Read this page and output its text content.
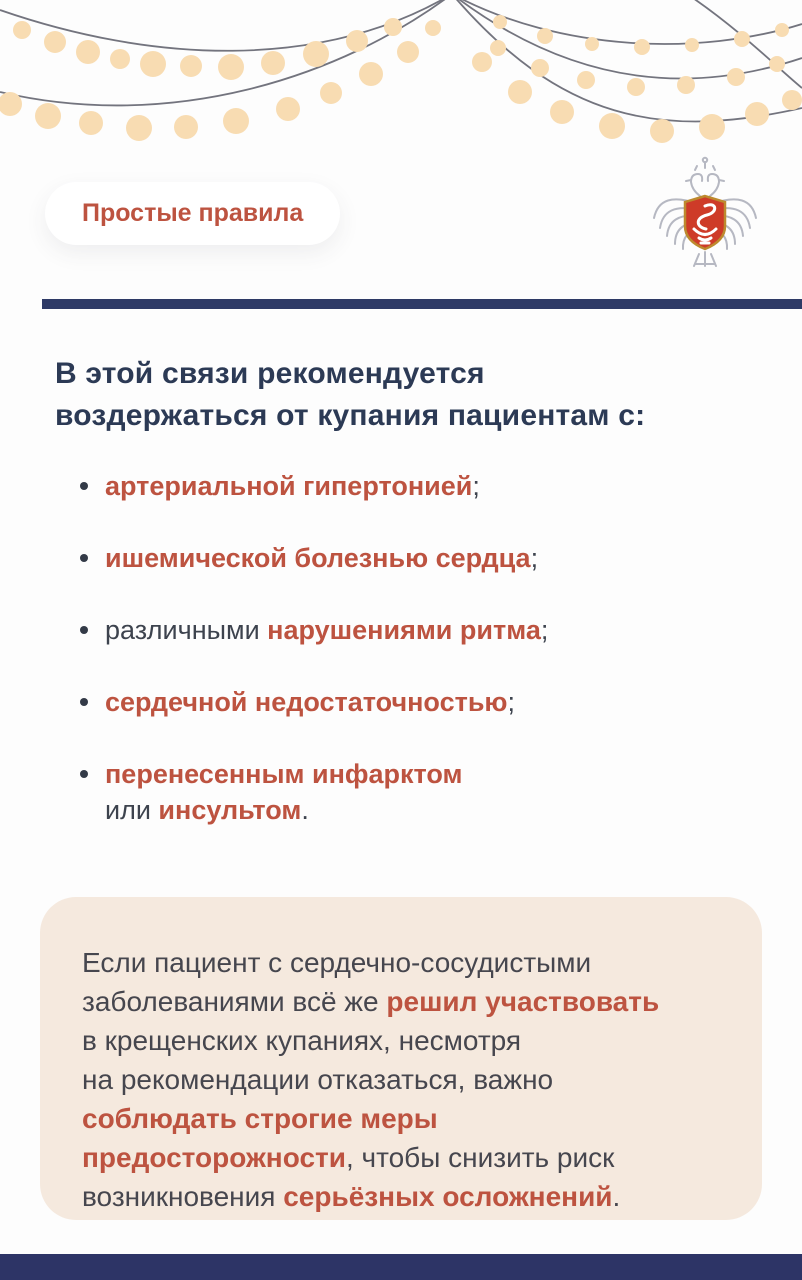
Простые правила
В этой связи рекомендуется
воздержаться от купания пациентам с:
артериальной гипертонией;
ишемической болезнью сердца;
различными нарушениями ритма;
сердечной недостаточностью;
перенесенным инфарктом
или инсультом.

Если пациент с сердечно-сосудистыми
заболеваниями всё же решил участвовать
в крещенских купаниях, несмотря
на рекомендации отказаться, важно
соблюдать строгие меры
предосторожности, чтобы снизить риск
возникновения серьёзных осложнений.
